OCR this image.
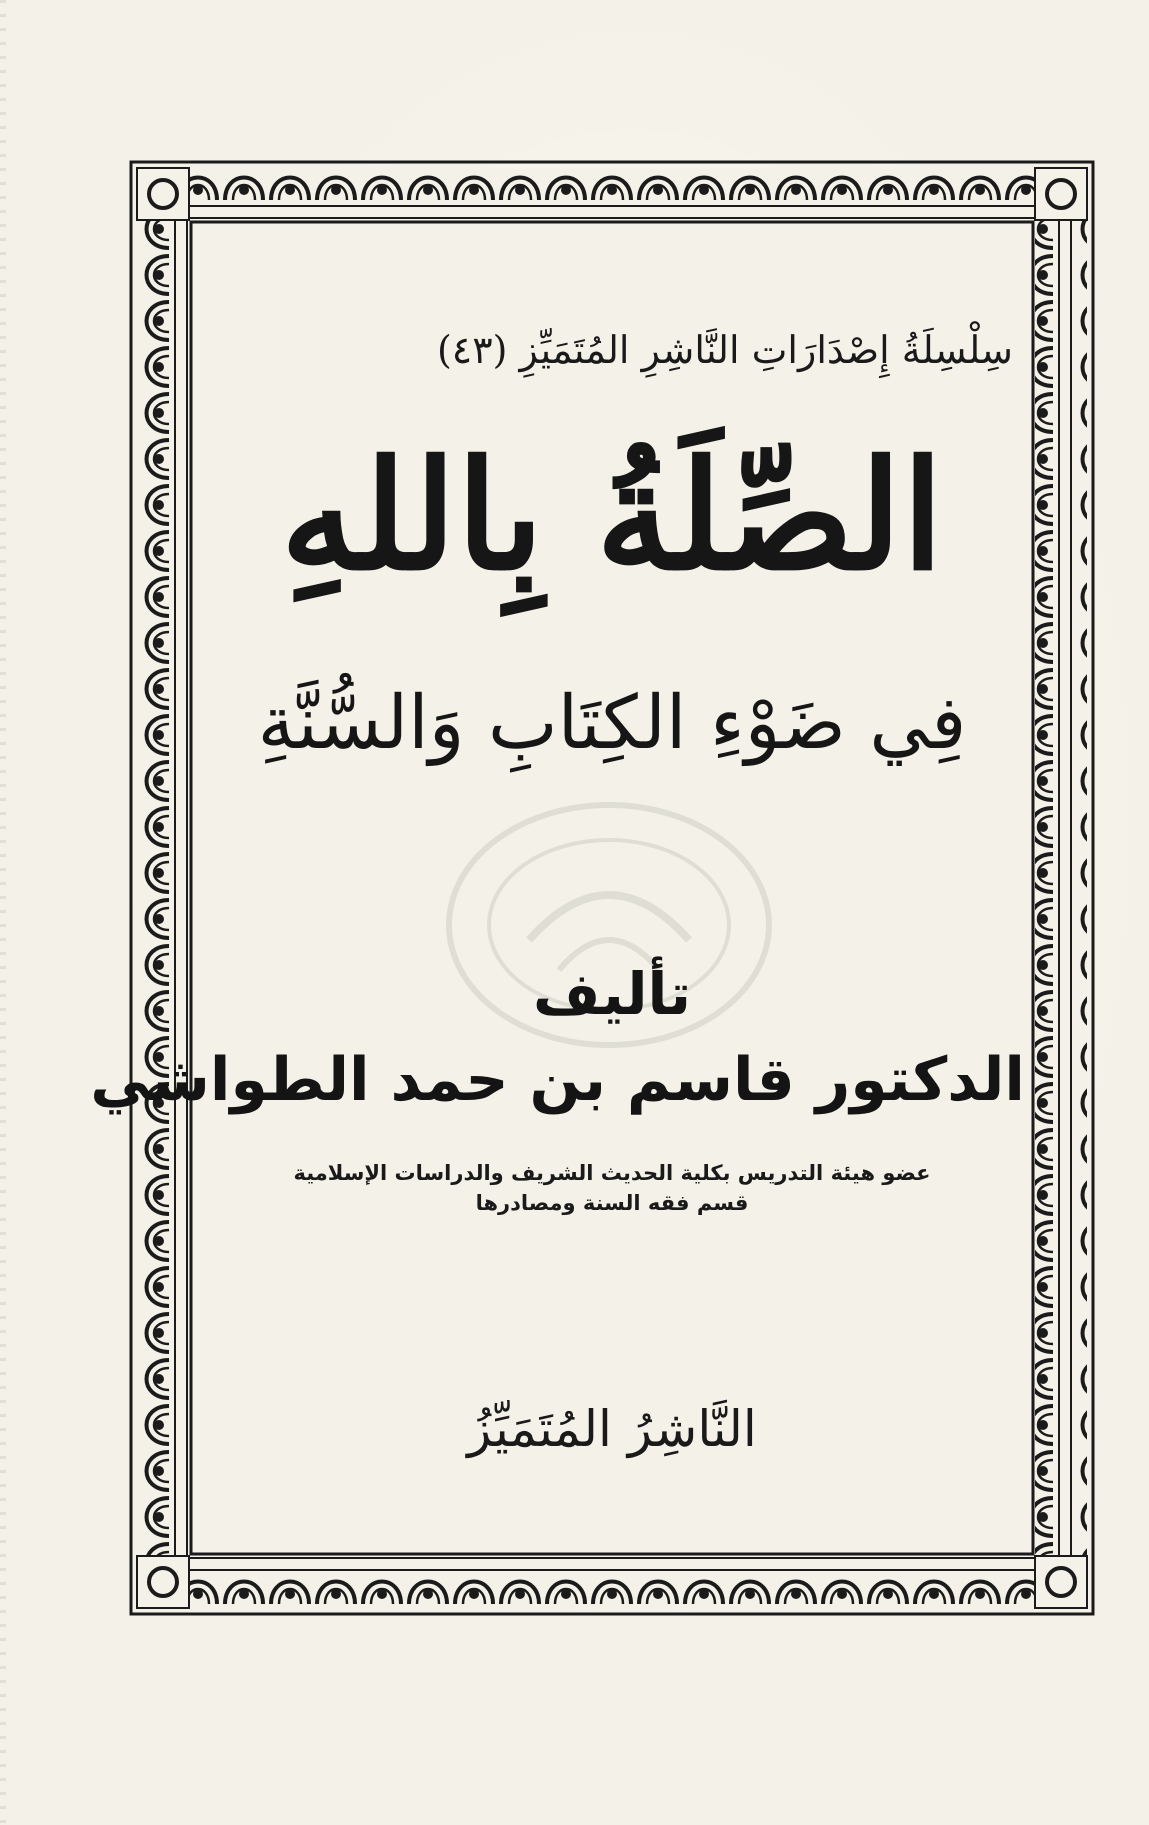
سِلْسِلَةُ إِصْدَارَاتِ النَّاشِرِ المُتَمَيِّزِ (٤٣)
الصِّلَةُ بِاللهِ
فِي ضَوْءِ الكِتَابِ وَالسُّنَّةِ
تأليف
الدكتور قاسم بن حمد الطواشي
عضو هيئة التدريس بكلية الحديث الشريف والدراسات الإسلامية
قسم فقه السنة ومصادرها
النَّاشِرُ المُتَمَيِّزُ
